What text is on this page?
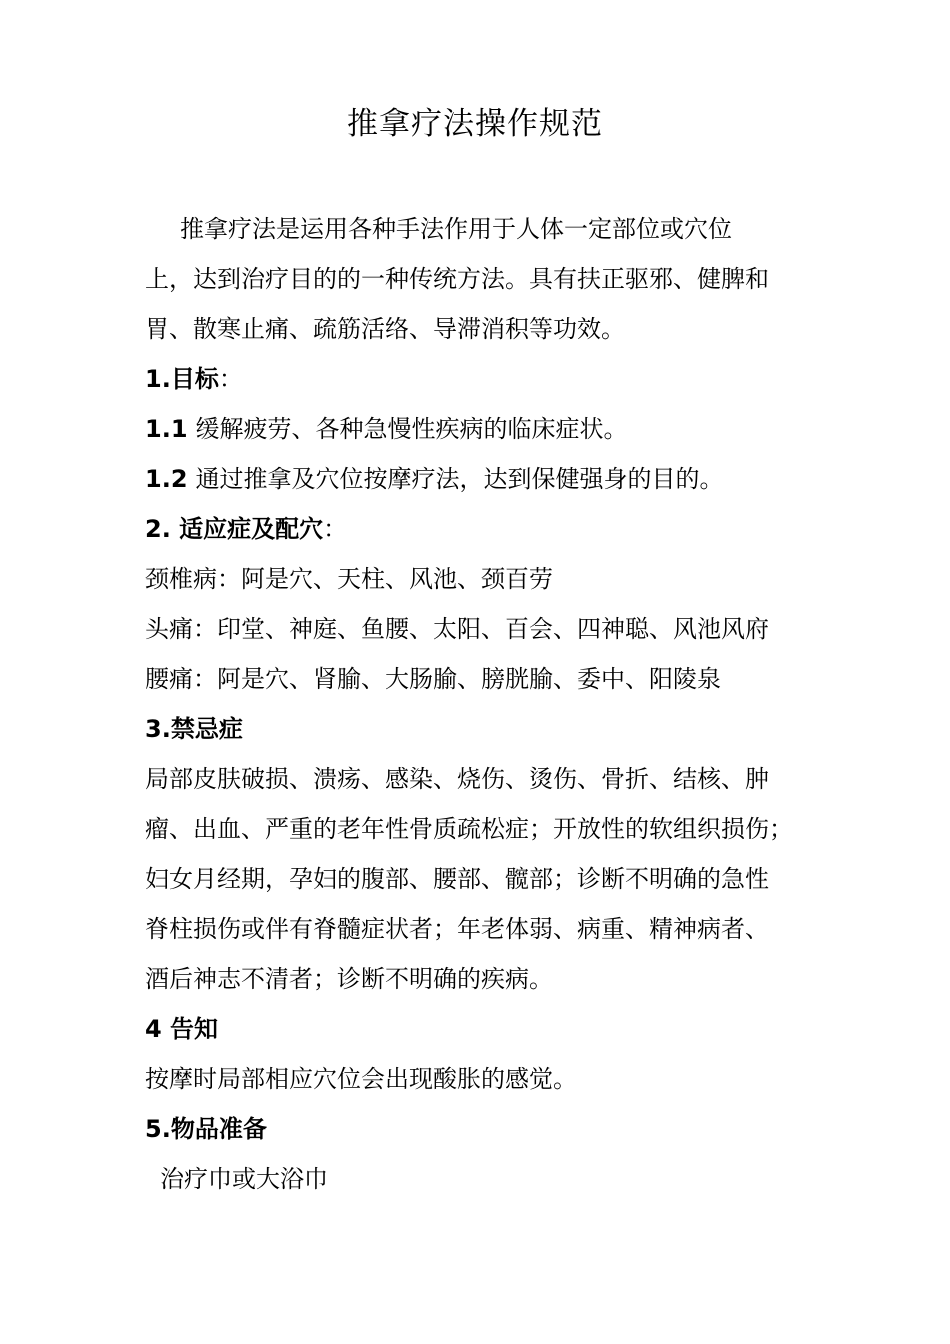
推拿疗法操作规范
推拿疗法是运用各种手法作用于人体一定部位或穴位
上，达到治疗目的的一种传统方法。具有扶正驱邪、健脾和
胃、散寒止痛、疏筋活络、导滞消积等功效。
1.目标：
1.1 缓解疲劳、各种急慢性疾病的临床症状。
1.2 通过推拿及穴位按摩疗法，达到保健强身的目的。
2. 适应症及配穴：
颈椎病：阿是穴、天柱、风池、颈百劳
头痛：印堂、神庭、鱼腰、太阳、百会、四神聪、风池风府
腰痛：阿是穴、肾腧、大肠腧、膀胱腧、委中、阳陵泉
3.禁忌症
局部皮肤破损、溃疡、感染、烧伤、烫伤、骨折、结核、肿
瘤、出血、严重的老年性骨质疏松症；开放性的软组织损伤；
妇女月经期，孕妇的腹部、腰部、髋部；诊断不明确的急性
脊柱损伤或伴有脊髓症状者；年老体弱、病重、精神病者、
酒后神志不清者；诊断不明确的疾病。
4 告知
按摩时局部相应穴位会出现酸胀的感觉。
5.物品准备
治疗巾或大浴巾
